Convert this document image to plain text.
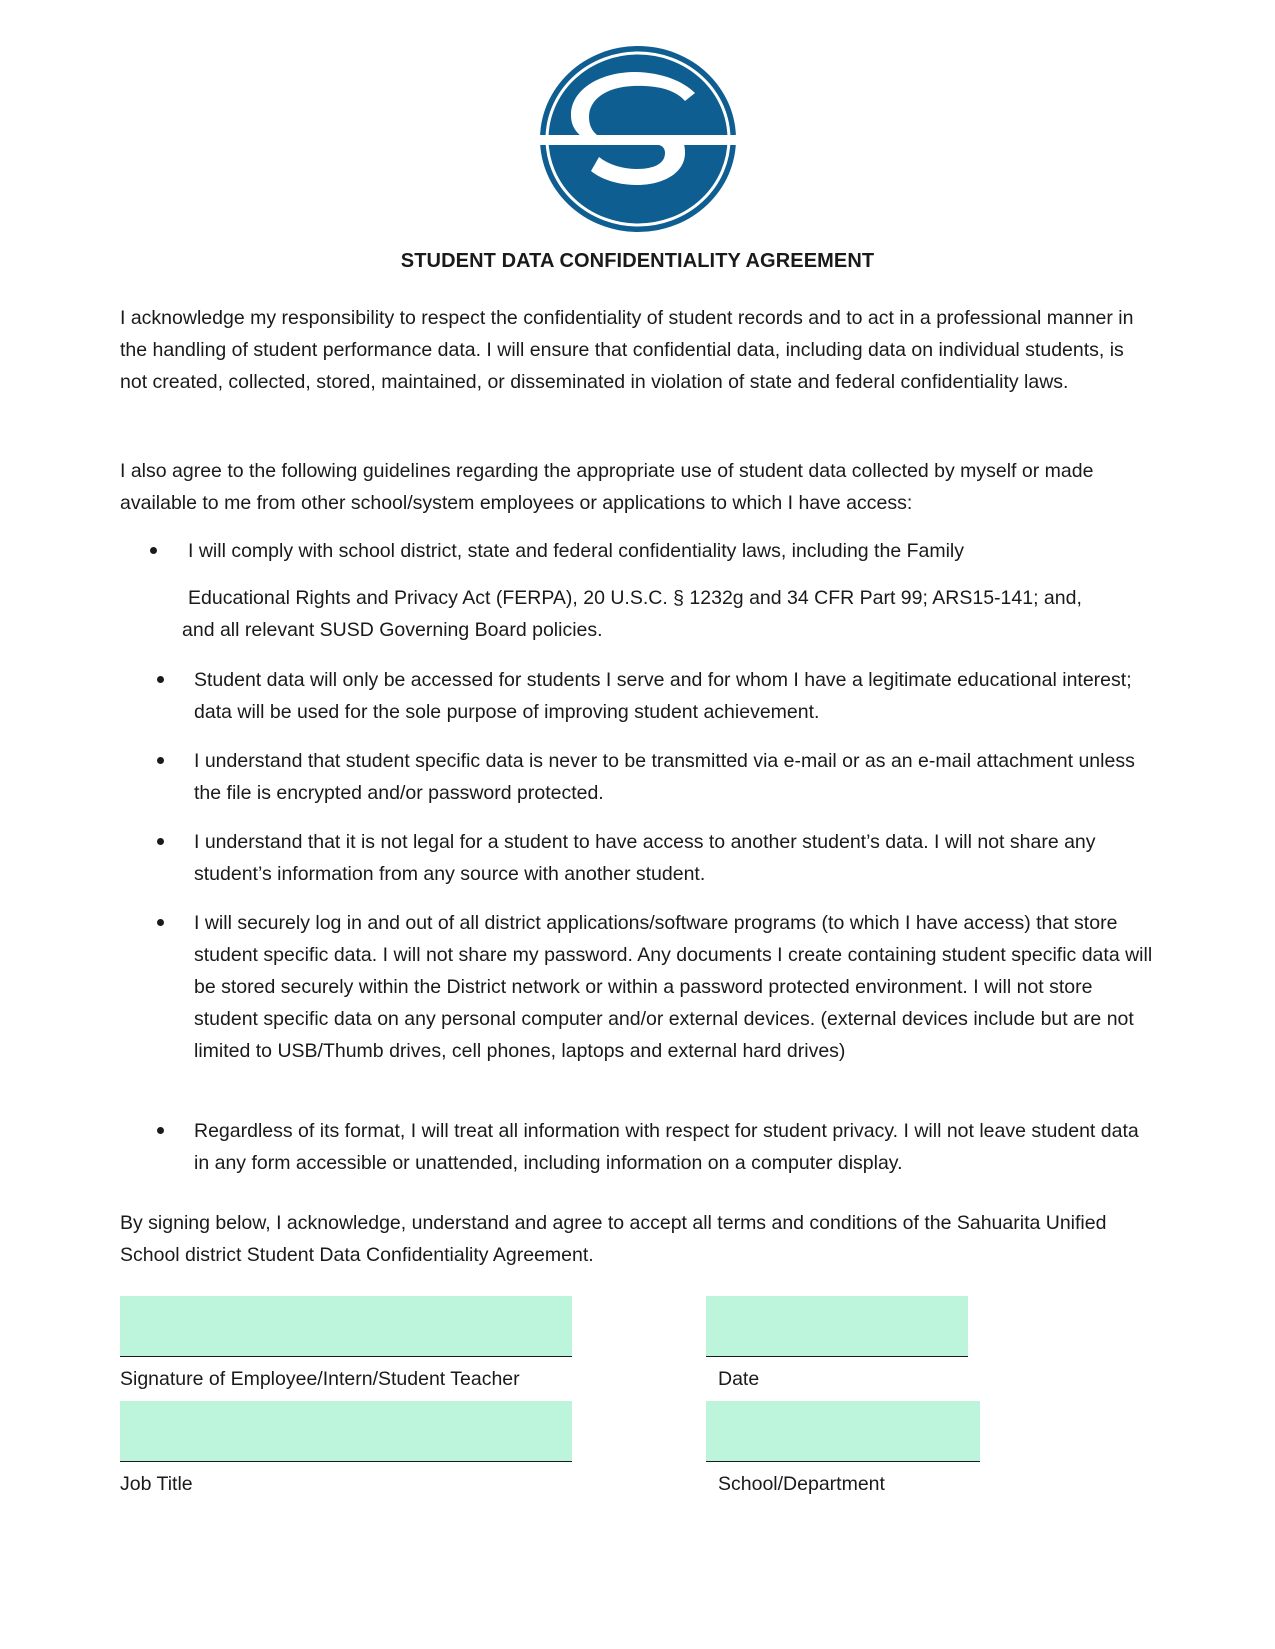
STUDENT DATA CONFIDENTIALITY AGREEMENT
I acknowledge my responsibility to respect the confidentiality of student records and to act in a professional manner in the handling of student performance data. I will ensure that confidential data, including data on individual students, is not created, collected, stored, maintained, or disseminated in violation of state and federal confidentiality laws.
I also agree to the following guidelines regarding the appropriate use of student data collected by myself or made available to me from other school/system employees or applications to which I have access:
I will comply with school district, state and federal confidentiality laws, including the Family
Educational Rights and Privacy Act (FERPA), 20 U.S.C. § 1232g and 34 CFR Part 99; ARS15-141; and,
and all relevant SUSD Governing Board policies.
Student data will only be accessed for students I serve and for whom I have a legitimate educational interest; data will be used for the sole purpose of improving student achievement.
I understand that student specific data is never to be transmitted via e-mail or as an e-mail attachment unless the file is encrypted and/or password protected.
I understand that it is not legal for a student to have access to another student’s data. I will not share any student’s information from any source with another student.
I will securely log in and out of all district applications/software programs (to which I have access) that store student specific data. I will not share my password. Any documents I create containing student specific data will be stored securely within the District network or within a password protected environment. I will not store student specific data on any personal computer and/or external devices. (external devices include but are not limited to USB/Thumb drives, cell phones, laptops and external hard drives)
Regardless of its format, I will treat all information with respect for student privacy. I will not leave student data in any form accessible or unattended, including information on a computer display.
By signing below, I acknowledge, understand and agree to accept all terms and conditions of the Sahuarita Unified School district Student Data Confidentiality Agreement.
Signature of Employee/Intern/Student Teacher	Date
Job Title	School/Department
